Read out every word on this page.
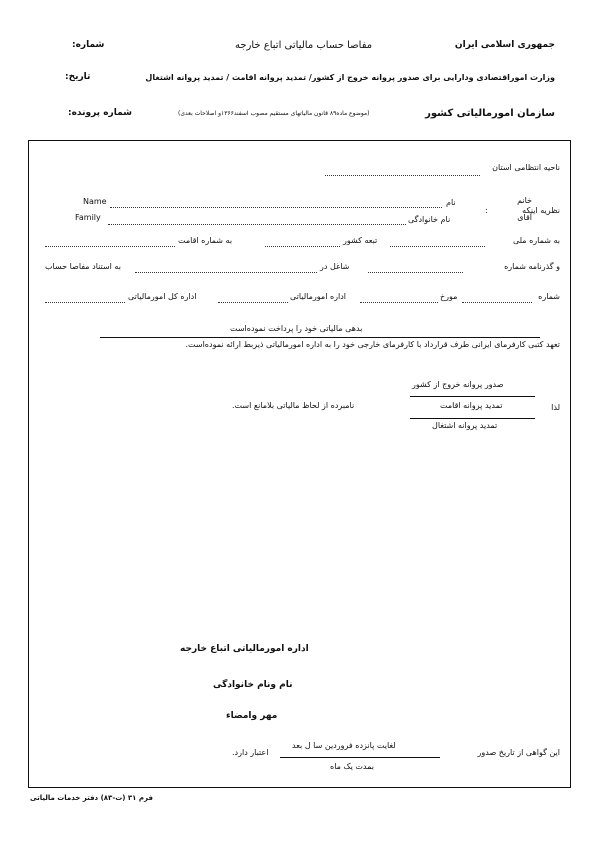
جمهوری اسلامی ایران
مفاصا حساب مالیاتی اتباع خارجه
شماره:
وزارت اموراقتصادی ودارایی برای صدور پروانه خروج از کشور/ تمدید پروانه اقامت / تمدید پروانه اشتغال
تاریخ:
سازمان امورمالیاتی کشور
(موضوع ماده۸۹ قانون مالیاتهای مستقیم مصوب اسفند۱۳۶۶و اصلاحات بعدی)
شماره پرونده:
ناحیه انتظامی استان
نظریه اینکه
:
خانم
آقای
نام
Name
نام خانوادگی
Family
به شماره ملی
تبعه کشور
به شماره اقامت
و گذرنامه شماره
شاغل در
به استناد مفاصا حساب
شماره
مورخ
اداره امورمالیاتی
اداره کل امورمالیاتی
بدهی مالیاتی خود را پرداخت نموده‌است
تعهد کتبی کارفرمای ایرانی طرف قرارداد با کارفرمای خارجی خود را به اداره امورمالیاتی ذیربط ارائه نموده‌است.
لذا
صدور پروانه خروج از کشور
تمدید پروانه اقامت
تمدید پروانه اشتغال
نامبرده از لحاظ مالیاتی بلامانع است.
اداره امورمالیاتی اتباع خارجه
نام ونام خانوادگی
مهر وامضاء
این گواهی از تاریخ صدور
لغایت پانزده فروردین سا ل بعد
بمدت یک ماه
اعتبار دارد.
فرم ۳۱ (ت-۸۳) دفتر خدمات مالیاتی
